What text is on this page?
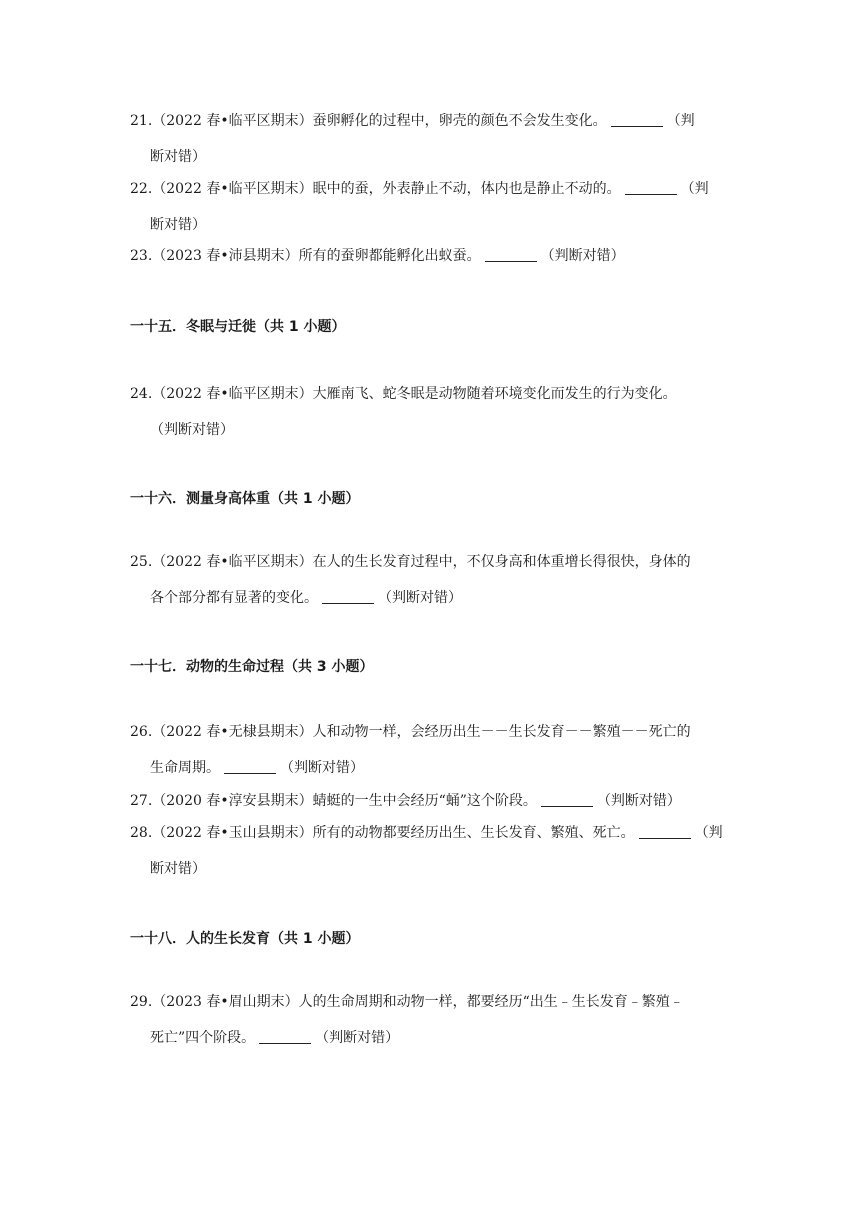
21.（2022 春•临平区期末）蚕卵孵化的过程中，卵壳的颜色不会发生变化。	（判
断对错）
22.（2022 春•临平区期末）眠中的蚕，外表静止不动，体内也是静止不动的。	（判
断对错）
23.（2023 春•沛县期末）所有的蚕卵都能孵化出蚁蚕。	（判断对错）
一十五．冬眠与迁徙（共 1 小题）
24.（2022 春•临平区期末）大雁南飞、蛇冬眠是动物随着环境变化而发生的行为变化。
（判断对错）
一十六．测量身高体重（共 1 小题）
25.（2022 春•临平区期末）在人的生长发育过程中，不仅身高和体重增长得很快，身体的
各个部分都有显著的变化。	（判断对错）
一十七．动物的生命过程（共 3 小题）
26.（2022 春•无棣县期末）人和动物一样，会经历出生－－生长发育－－繁殖－－死亡的
生命周期。	（判断对错）
27.（2020 春•淳安县期末）蜻蜓的一生中会经历“蛹”这个阶段。	（判断对错）
28.（2022 春•玉山县期末）所有的动物都要经历出生、生长发育、繁殖、死亡。	（判
断对错）
一十八．人的生长发育（共 1 小题）
29.（2023 春•眉山期末）人的生命周期和动物一样，都要经历“出生﹣生长发育﹣繁殖﹣
死亡”四个阶段。	（判断对错）
